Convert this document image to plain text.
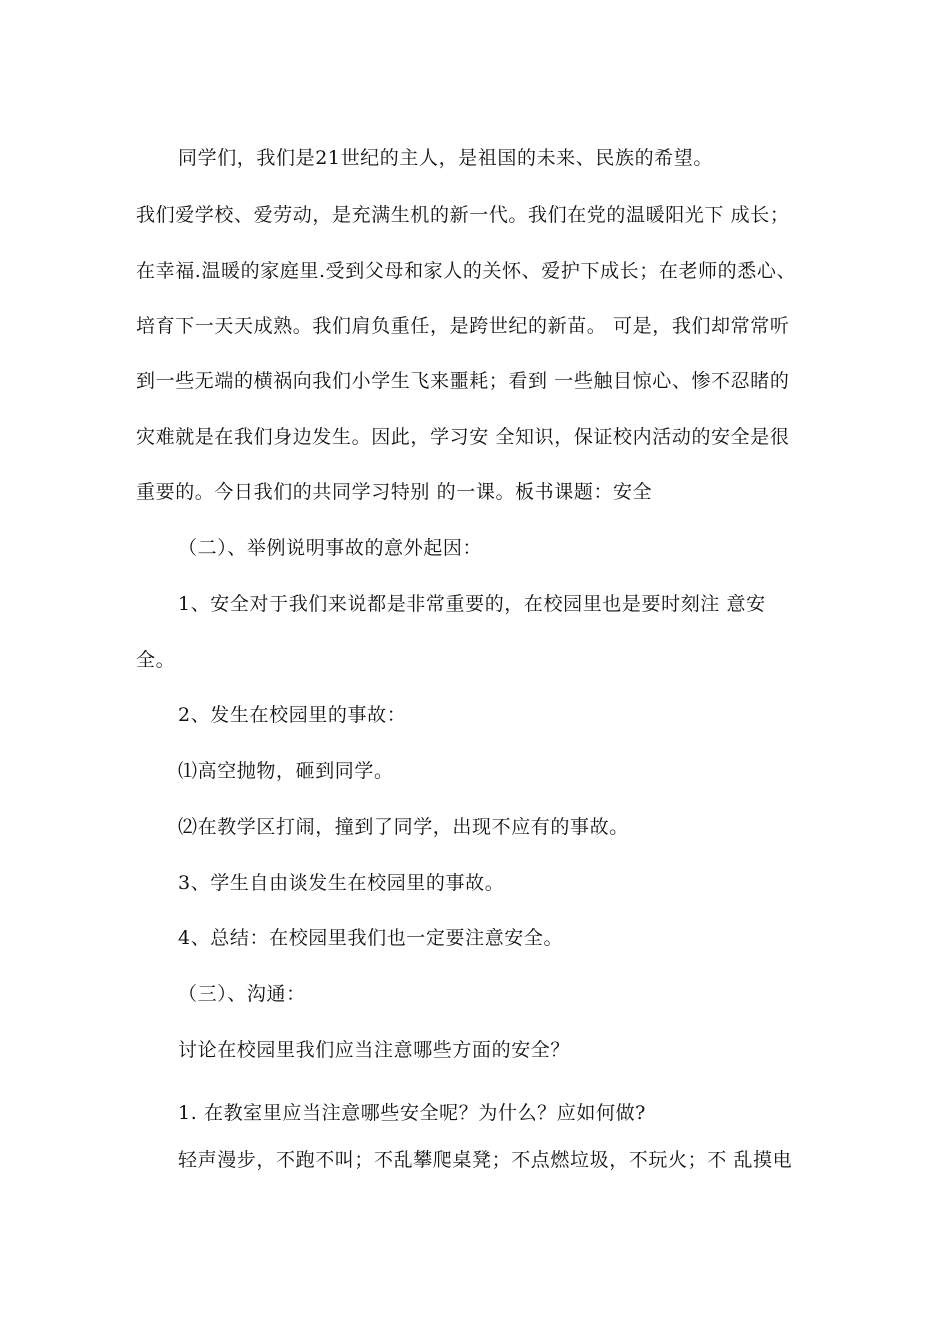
同学们，我们是21世纪的主人，是祖国的未来、民族的希望。
我们爱学校、爱劳动，是充满生机的新一代。我们在党的温暖阳光下 成长；
在幸福.温暖的家庭里.受到父母和家人的关怀、爱护下成长；在老师的悉心、
培育下一天天成熟。我们肩负重任，是跨世纪的新苗。 可是，我们却常常听
到一些无端的横祸向我们小学生飞来噩耗；看到 一些触目惊心、惨不忍睹的
灾难就是在我们身边发生。因此，学习安 全知识，保证校内活动的安全是很
重要的。今日我们的共同学习特别 的一课。板书课题：安全
（二）、举例说明事故的意外起因：
1、安全对于我们来说都是非常重要的，在校园里也是要时刻注 意安
全。
2、发生在校园里的事故：
⑴高空抛物，砸到同学。
⑵在教学区打闹，撞到了同学，出现不应有的事故。
3、学生自由谈发生在校园里的事故。
4、总结：在校园里我们也一定要注意安全。
（三）、沟通：
讨论在校园里我们应当注意哪些方面的安全？
1. 在教室里应当注意哪些安全呢？为什么？应如何做?
轻声漫步，不跑不叫；不乱攀爬桌凳；不点燃垃圾，不玩火；不 乱摸电
